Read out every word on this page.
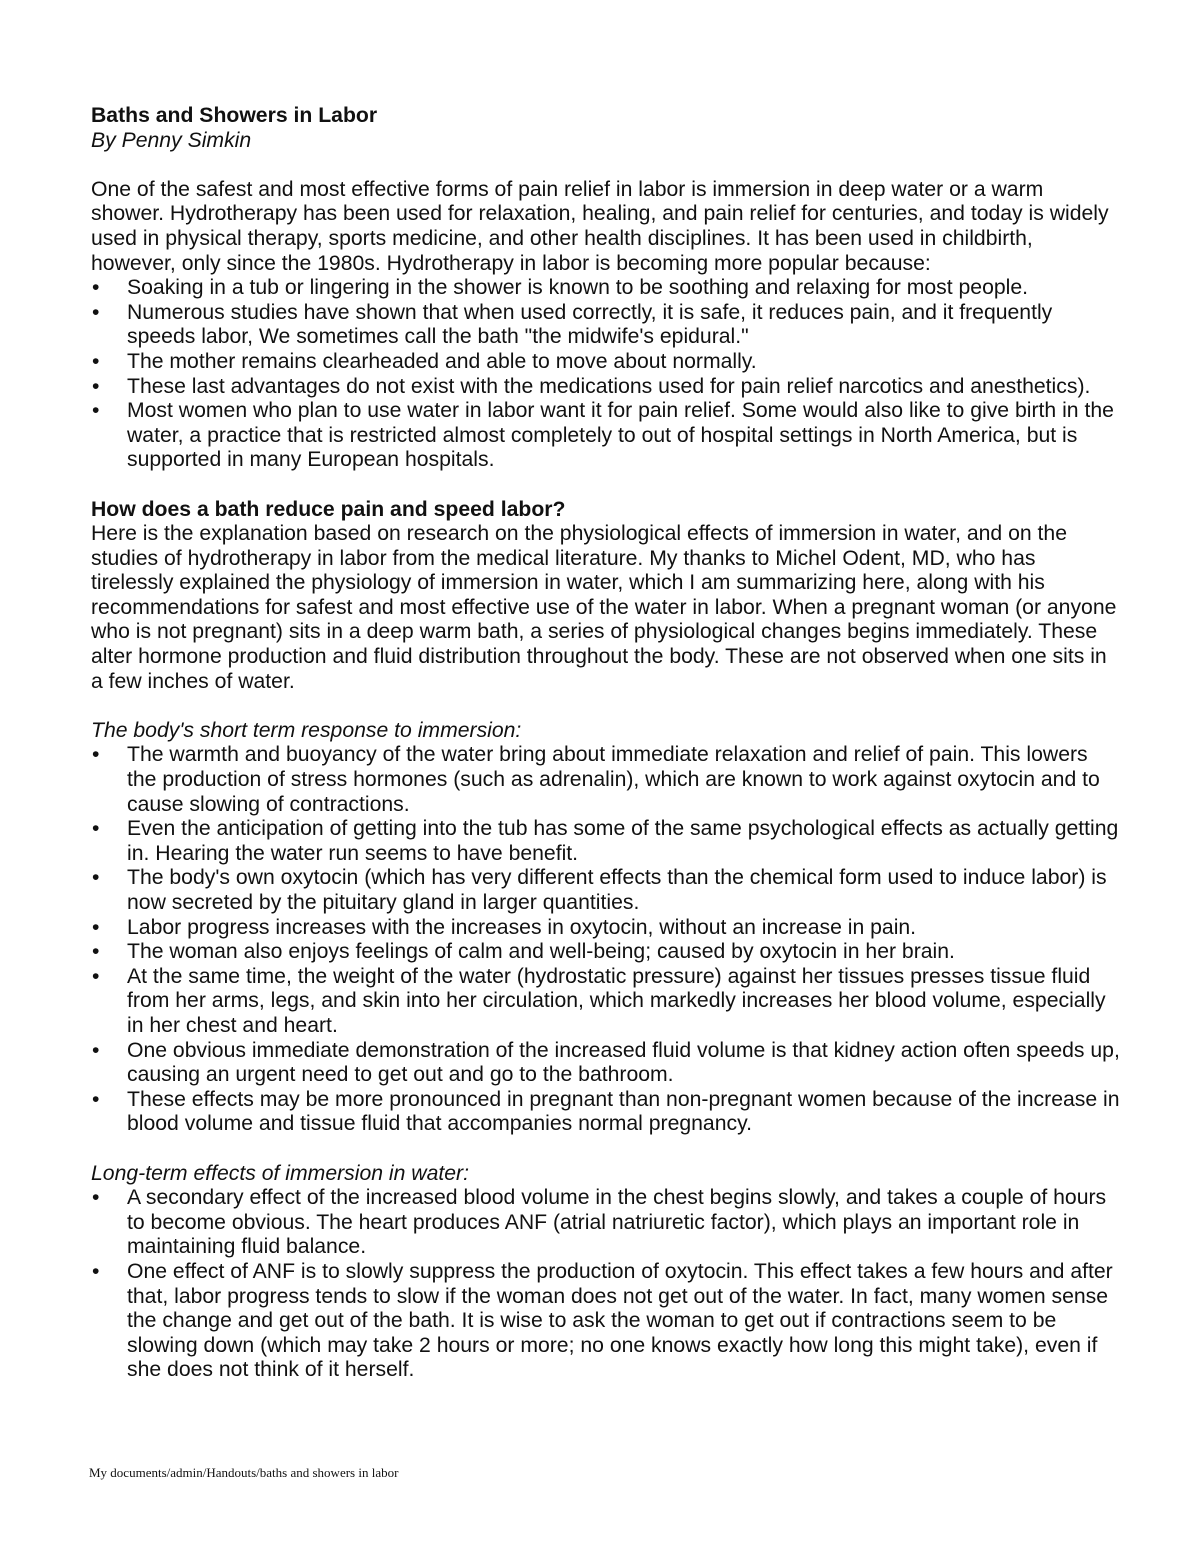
Baths and Showers in Labor

By Penny Simkin

One of the safest and most effective forms of pain relief in labor is immersion in deep water or a warm shower. Hydrotherapy has been used for relaxation, healing, and pain relief for centuries, and today is widely used in physical therapy, sports medicine, and other health disciplines. It has been used in childbirth, however, only since the 1980s. Hydrotherapy in labor is becoming more popular because:

• Soaking in a tub or lingering in the shower is known to be soothing and relaxing for most people.
• Numerous studies have shown that when used correctly, it is safe, it reduces pain, and it frequently speeds labor, We sometimes call the bath "the midwife's epidural."
• The mother remains clearheaded and able to move about normally.
• These last advantages do not exist with the medications used for pain relief narcotics and anesthetics).
• Most women who plan to use water in labor want it for pain relief. Some would also like to give birth in the water, a practice that is restricted almost completely to out of hospital settings in North America, but is supported in many European hospitals.

How does a bath reduce pain and speed labor?

Here is the explanation based on research on the physiological effects of immersion in water, and on the studies of hydrotherapy in labor from the medical literature. My thanks to Michel Odent, MD, who has tirelessly explained the physiology of immersion in water, which I am summarizing here, along with his recommendations for safest and most effective use of the water in labor. When a pregnant woman (or anyone who is not pregnant) sits in a deep warm bath, a series of physiological changes begins immediately. These alter hormone production and fluid distribution throughout the body. These are not observed when one sits in a few inches of water.

The body's short term response to immersion:

• The warmth and buoyancy of the water bring about immediate relaxation and relief of pain. This lowers the production of stress hormones (such as adrenalin), which are known to work against oxytocin and to cause slowing of contractions.
• Even the anticipation of getting into the tub has some of the same psychological effects as actually getting in. Hearing the water run seems to have benefit.
• The body's own oxytocin (which has very different effects than the chemical form used to induce labor) is now secreted by the pituitary gland in larger quantities.
• Labor progress increases with the increases in oxytocin, without an increase in pain.
• The woman also enjoys feelings of calm and well-being; caused by oxytocin in her brain.
• At the same time, the weight of the water (hydrostatic pressure) against her tissues presses tissue fluid from her arms, legs, and skin into her circulation, which markedly increases her blood volume, especially in her chest and heart.
• One obvious immediate demonstration of the increased fluid volume is that kidney action often speeds up, causing an urgent need to get out and go to the bathroom.
• These effects may be more pronounced in pregnant than non-pregnant women because of the increase in blood volume and tissue fluid that accompanies normal pregnancy.

Long-term effects of immersion in water:

• A secondary effect of the increased blood volume in the chest begins slowly, and takes a couple of hours to become obvious. The heart produces ANF (atrial natriuretic factor), which plays an important role in maintaining fluid balance.
• One effect of ANF is to slowly suppress the production of oxytocin. This effect takes a few hours and after that, labor progress tends to slow if the woman does not get out of the water. In fact, many women sense the change and get out of the bath. It is wise to ask the woman to get out if contractions seem to be slowing down (which may take 2 hours or more; no one knows exactly how long this might take), even if she does not think of it herself.
My documents/admin/Handouts/baths and showers in labor
